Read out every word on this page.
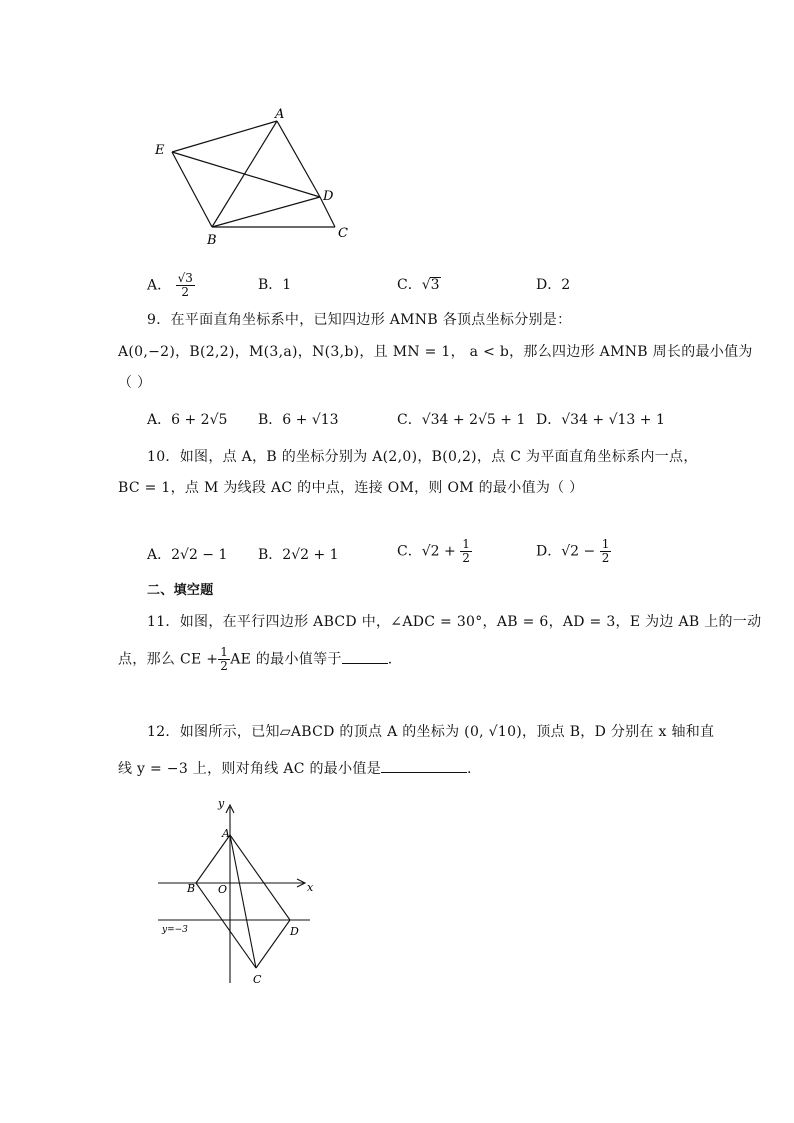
A
E
D
B	C
A． $\frac{√3}{2}$	B．1	C．√3	D．2
9．在平面直角坐标系中，已知四边形 AMNB 各顶点坐标分别是：
A(0,−2)，B(2,2)，M(3,a)，N(3,b)，且 MN = 1， a < b，那么四边形 AMNB 周长的最小值为
（ ）
A．6 + 2√5 B．6 + √13	C．√34 + 2√5 + 1 D．√34 + √13 + 1
10．如图，点 A，B 的坐标分别为 A(2,0)，B(0,2)，点 C 为平面直角坐标系内一点，
BC = 1，点 M 为线段 AC 的中点，连接 OM，则 OM 的最小值为（ ）
A．2√2 − 1 B．2√2 + 1	C．$√2 + \frac{1}{2}$	D．$√2 - \frac{1}{2}$
二、填空题
11．如图，在平行四边形 ABCD 中，∠ADC = 30°，AB = 6，AD = 3，E 为边 AB 上的一动
点，那么 CE + $\frac{1}{2}$ AE 的最小值等于	.
12．如图所示，已知▱ABCD 的顶点 A 的坐标为 (0, √10)，顶点 B，D 分别在 x 轴和直
线 y = −3 上，则对角线 AC 的最小值是	.
y
x
A
B O
D
C
y=−3
